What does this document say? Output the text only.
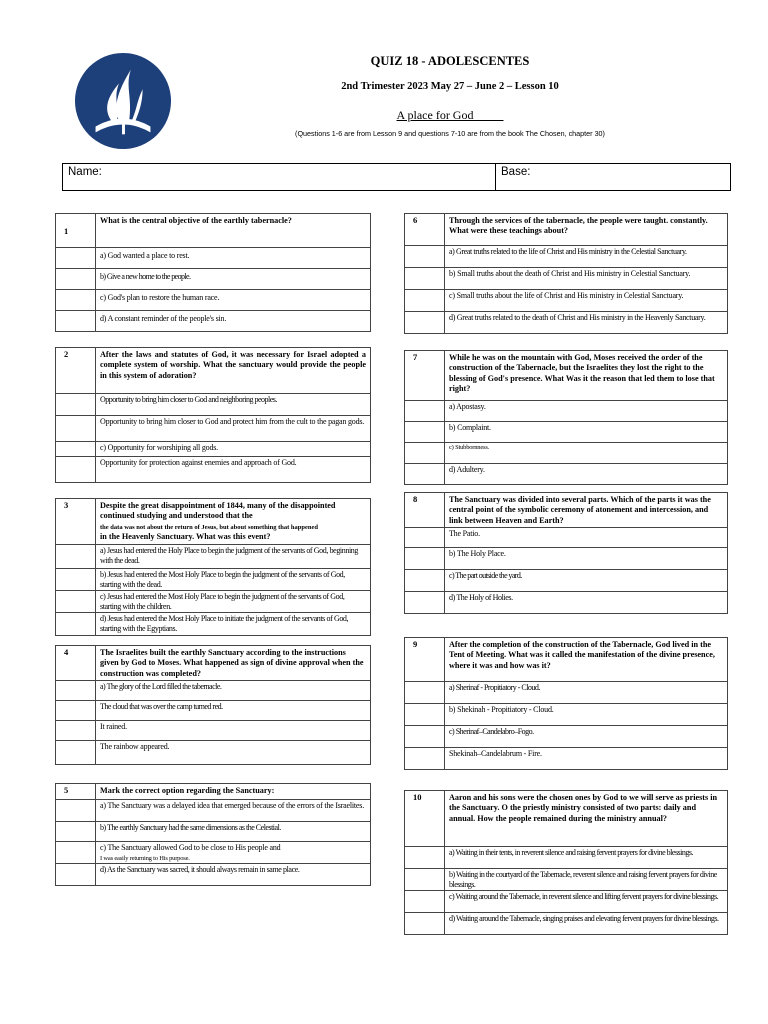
QUIZ 18 - ADOLESCENTES
2nd Trimester 2023 May 27 – June 2 – Lesson 10
A place for God
(Questions 1-6 are from Lesson 9 and questions 7-10 are from the book The Chosen, chapter 30)
Name:	Base:
1	What is the central objective of the earthly tabernacle?
	a) God wanted a place to rest.
	b) Give a new home to the people.
	c) God's plan to restore the human race.
	d) A constant reminder of the people's sin.
2	After the laws and statutes of God, it was necessary for Israel adopted a complete system of worship. What the sanctuary would provide the people in this system of adoration?
	Opportunity to bring him closer to God and neighboring peoples.
	Opportunity to bring him closer to God and protect him from the cult to the pagan gods.
	c) Opportunity for worshiping all gods.
	Opportunity for protection against enemies and approach of God.
3	Despite the great disappointment of 1844, many of the disappointed continued studying and understood that the
the data was not about the return of Jesus, but about something that happened
in the Heavenly Sanctuary. What was this event?
	a) Jesus had entered the Holy Place to begin the judgment of the servants of God, beginning with the dead.
	b) Jesus had entered the Most Holy Place to begin the judgment of the servants of God, starting with the dead.
	c) Jesus had entered the Most Holy Place to begin the judgment of the servants of God, starting with the children.
	d) Jesus had entered the Most Holy Place to initiate the judgment of the servants of God, starting with the Egyptians.
4	The Israelites built the earthly Sanctuary according to the instructions given by God to Moses. What happened as sign of divine approval when the construction was completed?
	a) The glory of the Lord filled the tabernacle.
	The cloud that was over the camp turned red.
	It rained.
	The rainbow appeared.
5	Mark the correct option regarding the Sanctuary:
	a) The Sanctuary was a delayed idea that emerged because of the errors of the Israelites.
	b) The earthly Sanctuary had the same dimensions as the Celestial.
	c) The Sanctuary allowed God to be close to His people and
I was easily returning to His purpose.
	d) As the Sanctuary was sacred, it should always remain in same place.
6	Through the services of the tabernacle, the people were taught. constantly. What were these teachings about?
	a) Great truths related to the life of Christ and His ministry in the Celestial Sanctuary.
	b) Small truths about the death of Christ and His ministry in Celestial Sanctuary.
	c) Small truths about the life of Christ and His ministry in Celestial Sanctuary.
	d) Great truths related to the death of Christ and His ministry in the Heavenly Sanctuary.
7	While he was on the mountain with God, Moses received the order of the construction of the Tabernacle, but the Israelites they lost the right to the blessing of God's presence. What Was it the reason that led them to lose that right?
	a) Apostasy.
	b) Complaint.
	c) Stubbornness.
	d) Adultery.
8	The Sanctuary was divided into several parts. Which of the parts it was the central point of the symbolic ceremony of atonement and intercession, and link between Heaven and Earth?
	The Patio.
	b) The Holy Place.
	c) The part outside the yard.
	d) The Holy of Holies.
9	After the completion of the construction of the Tabernacle, God lived in the Tent of Meeting. What was it called the manifestation of the divine presence, where it was and how was it?
	a) Sherinaf - Propitiatory - Cloud.
	b) Shekinah - Propitiatory - Cloud.
	c) Sherinaf–Candelabro–Fogo.
	Shekinah–Candelabrum - Fire.
10	Aaron and his sons were the chosen ones by God to we will serve as priests in the Sanctuary. O the priestly ministry consisted of two parts: daily and annual. How the people remained during the ministry annual?
	a) Waiting in their tents, in reverent silence and raising fervent prayers for divine blessings.
	b) Waiting in the courtyard of the Tabernacle, reverent silence and raising fervent prayers for divine blessings.
	c) Waiting around the Tabernacle, in reverent silence and lifting fervent prayers for divine blessings.
	d) Waiting around the Tabernacle, singing praises and elevating fervent prayers for divine blessings.
